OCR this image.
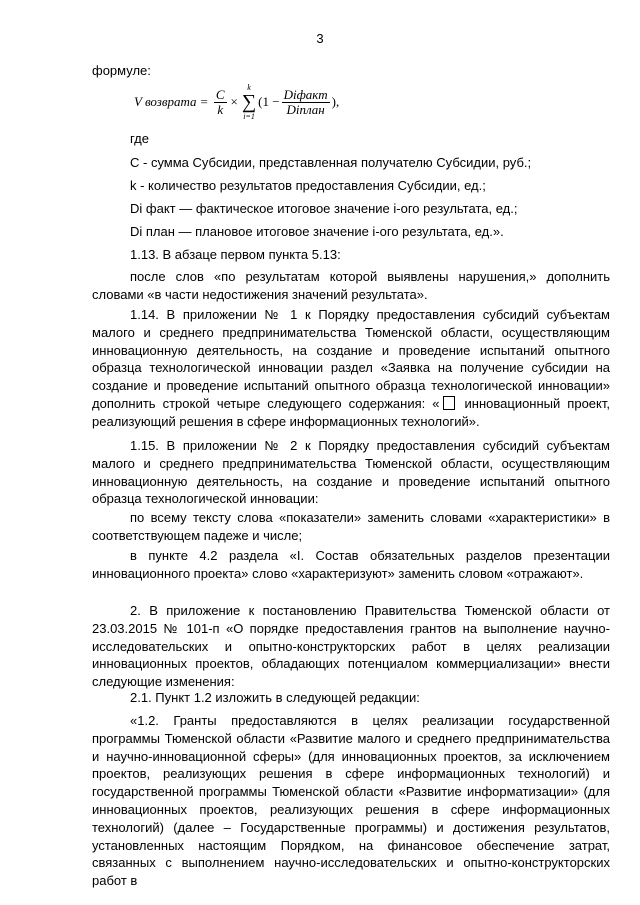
3

формуле:

V возврата = $\frac{C}{k}$ ×
k
∑
i=1
($1 - \frac{\text{Diфакт}}{\text{Diплан}}$ ),

где

С - сумма Субсидии, представленная получателю Субсидии, руб.;

k - количество результатов предоставления Субсидии, ед.;

Di факт — фактическое итоговое значение i-ого результата, ед.;

Di план — плановое итоговое значение i-ого результата, ед.».

1.13. В абзаце первом пункта 5.13:

после слов «по результатам которой выявлены нарушения,» дополнить словами «в части недостижения значений результата».

1.14. В приложении № 1 к Порядку предоставления субсидий субъектам малого и среднего предпринимательства Тюменской области, осуществляющим инновационную деятельность, на создание и проведение испытаний опытного образца технологической инновации раздел «Заявка на получение субсидии на создание и проведение испытаний опытного образца технологической инновации» дополнить строкой четыре следующего содержания: « инновационный проект, реализующий решения в сфере информационных технологий».

1.15. В приложении № 2 к Порядку предоставления субсидий субъектам малого и среднего предпринимательства Тюменской области, осуществляющим инновационную деятельность, на создание и проведение испытаний опытного образца технологической инновации:

по всему тексту слова «показатели» заменить словами «характеристики» в соответствующем падеже и числе;

в пункте 4.2 раздела «I. Состав обязательных разделов презентации инновационного проекта» слово «характеризуют» заменить словом «отражают».

2. В приложение к постановлению Правительства Тюменской области от 23.03.2015 № 101-п «О порядке предоставления грантов на выполнение научно-исследовательских и опытно-конструкторских работ в целях реализации инновационных проектов, обладающих потенциалом коммерциализации» внести следующие изменения:

2.1. Пункт 1.2 изложить в следующей редакции:

«1.2. Гранты предоставляются в целях реализации государственной программы Тюменской области «Развитие малого и среднего предпринимательства и научно-инновационной сферы» (для инновационных проектов, за исключением проектов, реализующих решения в сфере информационных технологий) и государственной программы Тюменской области «Развитие информатизации» (для инновационных проектов, реализующих решения в сфере информационных технологий) (далее – Государственные программы) и достижения результатов, установленных настоящим Порядком, на финансовое обеспечение затрат, связанных с выполнением научно-исследовательских и опытно-конструкторских работ в
